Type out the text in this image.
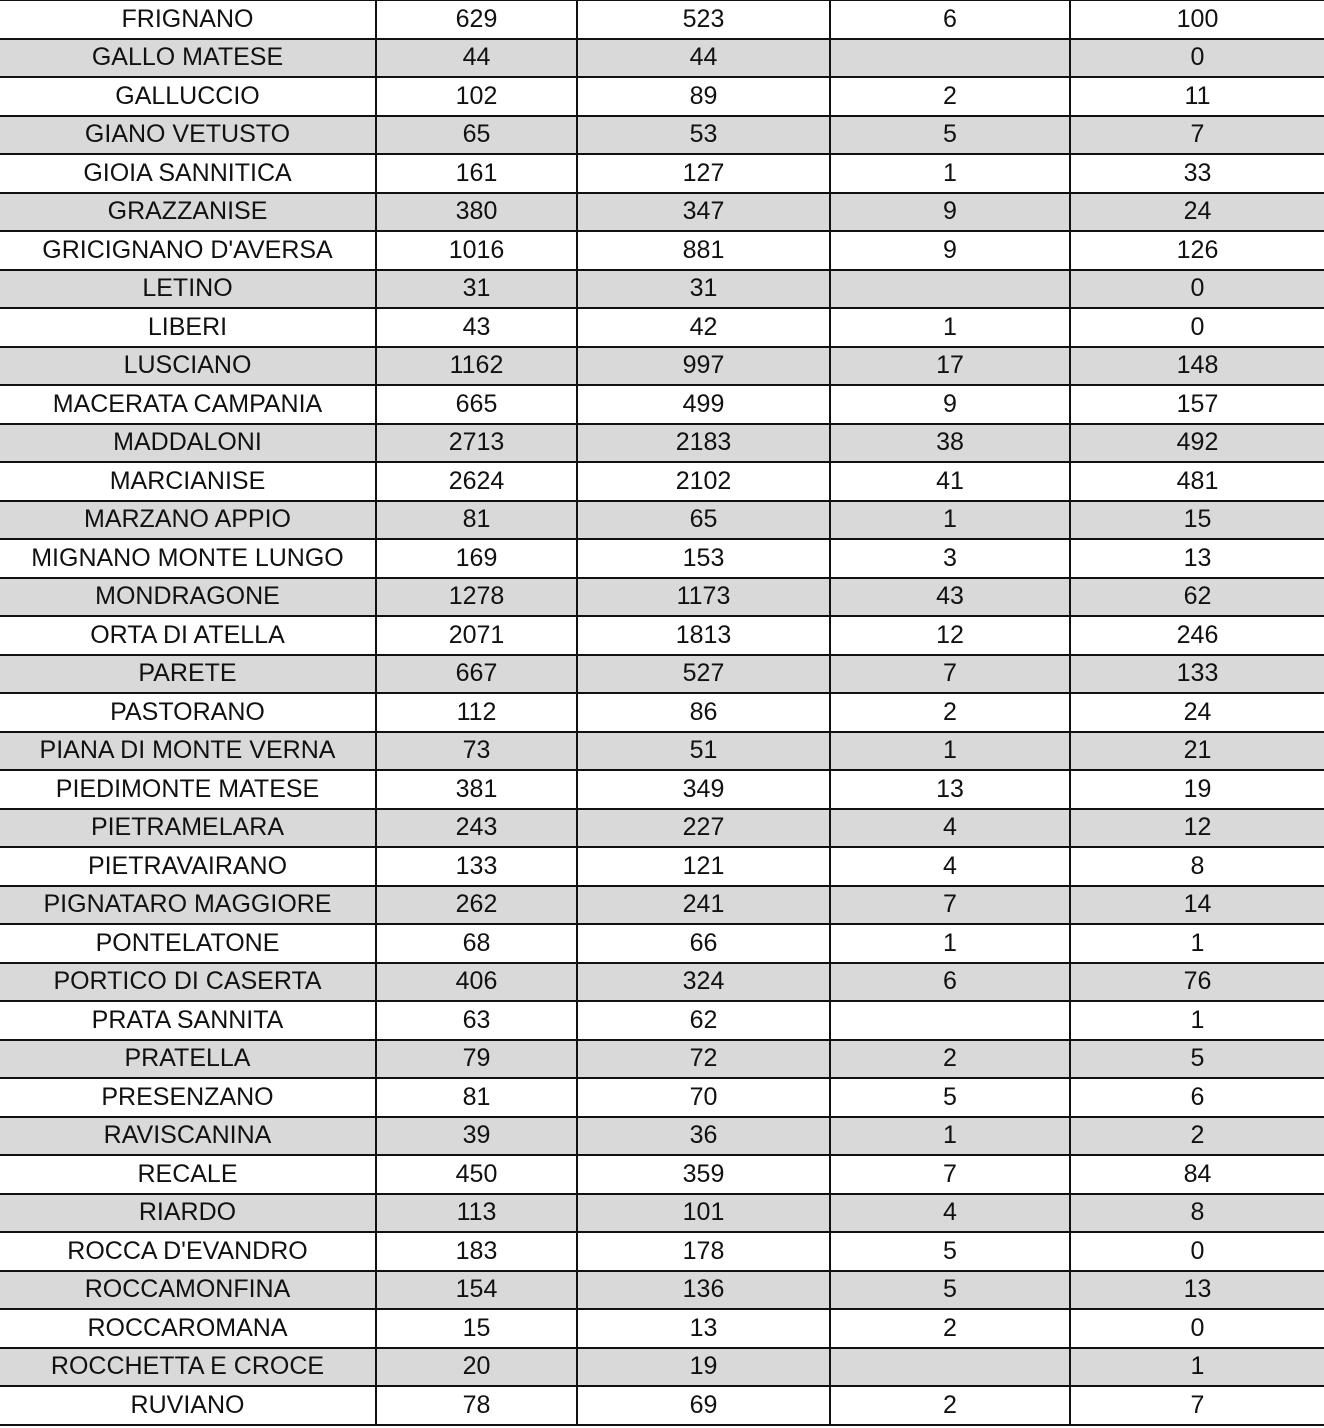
FRIGNANO	629	523	6	100
GALLO MATESE	44	44		0
GALLUCCIO	102	89	2	11
GIANO VETUSTO	65	53	5	7
GIOIA SANNITICA	161	127	1	33
GRAZZANISE	380	347	9	24
GRICIGNANO D'AVERSA	1016	881	9	126
LETINO	31	31		0
LIBERI	43	42	1	0
LUSCIANO	1162	997	17	148
MACERATA CAMPANIA	665	499	9	157
MADDALONI	2713	2183	38	492
MARCIANISE	2624	2102	41	481
MARZANO APPIO	81	65	1	15
MIGNANO MONTE LUNGO	169	153	3	13
MONDRAGONE	1278	1173	43	62
ORTA DI ATELLA	2071	1813	12	246
PARETE	667	527	7	133
PASTORANO	112	86	2	24
PIANA DI MONTE VERNA	73	51	1	21
PIEDIMONTE MATESE	381	349	13	19
PIETRAMELARA	243	227	4	12
PIETRAVAIRANO	133	121	4	8
PIGNATARO MAGGIORE	262	241	7	14
PONTELATONE	68	66	1	1
PORTICO DI CASERTA	406	324	6	76
PRATA SANNITA	63	62		1
PRATELLA	79	72	2	5
PRESENZANO	81	70	5	6
RAVISCANINA	39	36	1	2
RECALE	450	359	7	84
RIARDO	113	101	4	8
ROCCA D'EVANDRO	183	178	5	0
ROCCAMONFINA	154	136	5	13
ROCCAROMANA	15	13	2	0
ROCCHETTA E CROCE	20	19		1
RUVIANO	78	69	2	7
